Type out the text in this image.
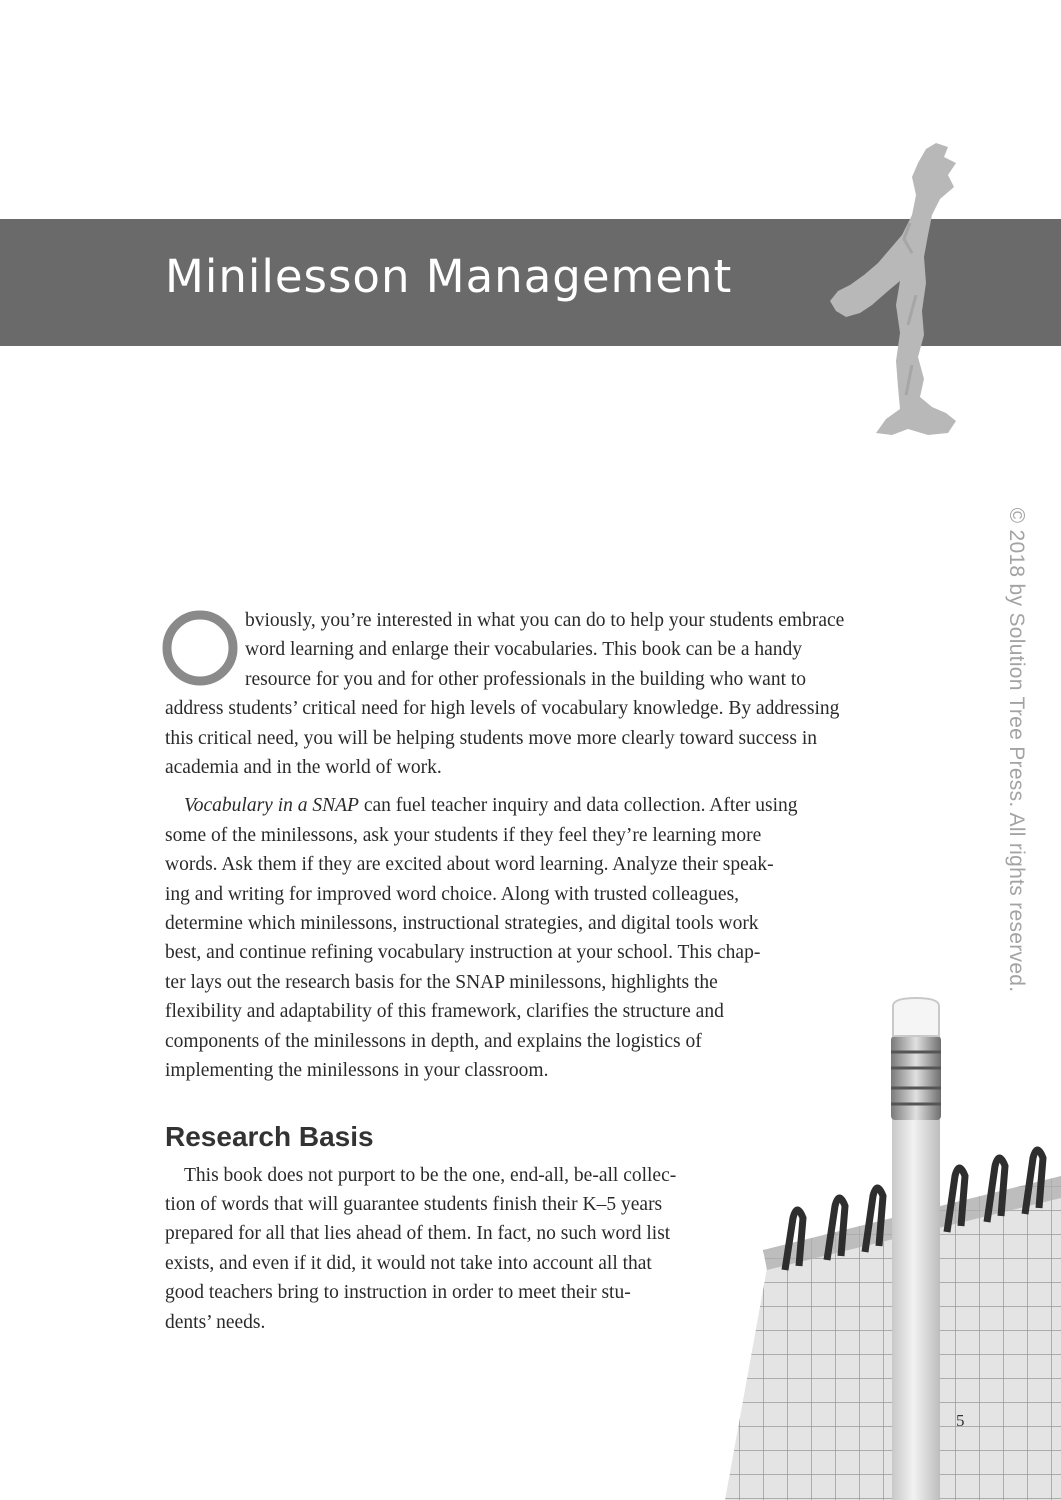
Minilesson Management
© 2018 by Solution Tree Press. All rights reserved.

O
bviously, you’re interested in what you can do to help your students embrace
word learning and enlarge their vocabularies. This book can be a handy
resource for you and for other professionals in the building who want to
address students’ critical need for high levels of vocabulary knowledge. By addressing
this critical need, you will be helping students move more clearly toward success in
academia and in the world of work.

Vocabulary in a SNAP can fuel teacher inquiry and data collection. After using
some of the minilessons, ask your students if they feel they’re learning more
words. Ask them if they are excited about word learning. Analyze their speak-
ing and writing for improved word choice. Along with trusted colleagues,
determine which minilessons, instructional strategies, and digital tools work
best, and continue refining vocabulary instruction at your school. This chap-
ter lays out the research basis for the SNAP minilessons, highlights the
flexibility and adaptability of this framework, clarifies the structure and
components of the minilessons in depth, and explains the logistics of
implementing the minilessons in your classroom.

Research Basis

This book does not purport to be the one, end-all, be-all collec-
tion of words that will guarantee students finish their K–5 years
prepared for all that lies ahead of them. In fact, no such word list
exists, and even if it did, it would not take into account all that
good teachers bring to instruction in order to meet their stu-
dents’ needs.

5
